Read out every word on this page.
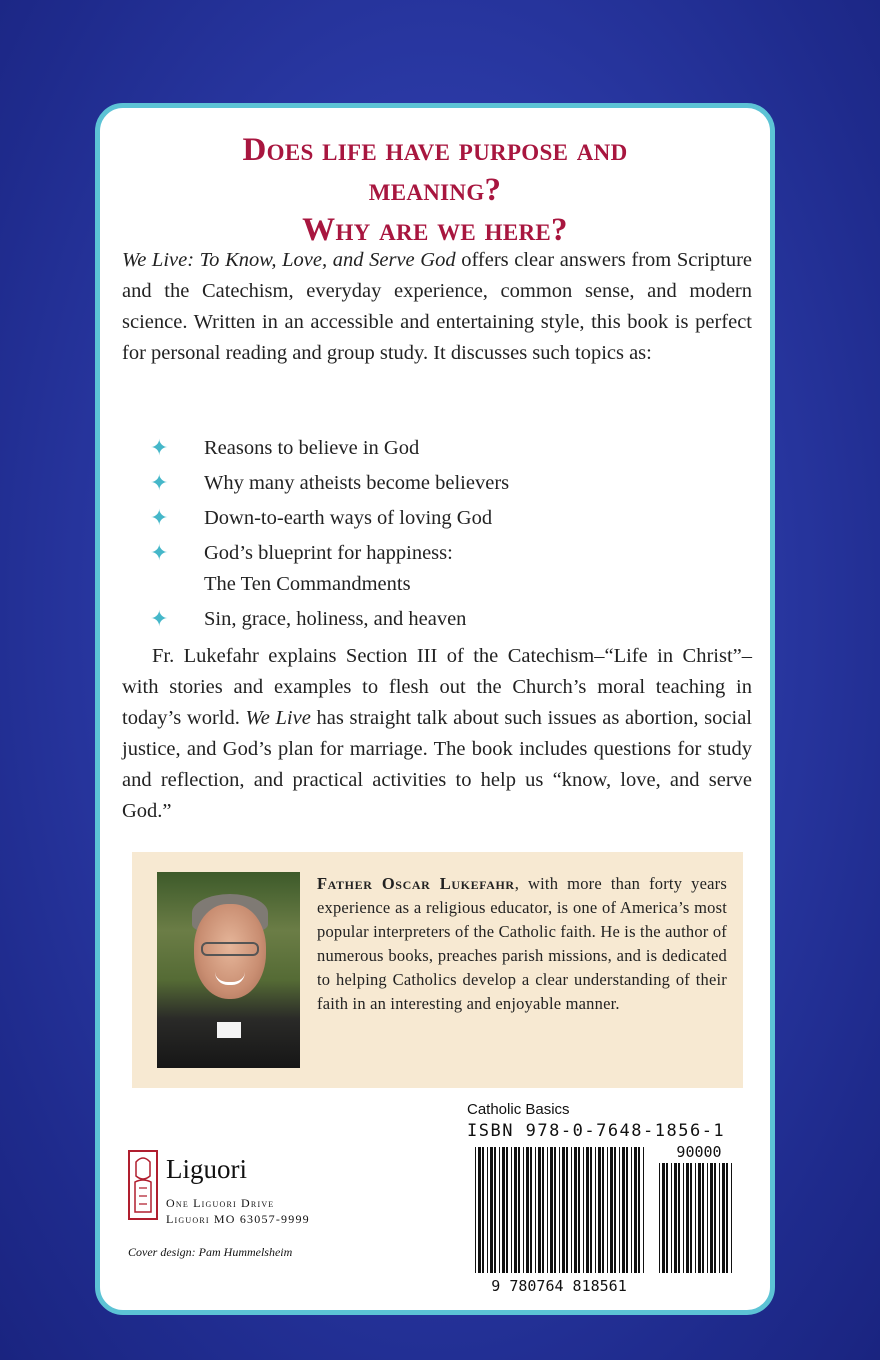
Does life have purpose and
meaning?
Why are we here?
We Live: To Know, Love, and Serve God offers clear answers from Scripture and the Catechism, everyday experience, common sense, and modern science. Written in an accessible and entertaining style, this book is perfect for personal reading and group study. It discusses such topics as:
✦ Reasons to believe in God
✦ Why many atheists become believers
✦ Down-to-earth ways of loving God
✦ God’s blueprint for happiness:
The Ten Commandments
✦ Sin, grace, holiness, and heaven
Fr. Lukefahr explains Section III of the Catechism–“Life in Christ”– with stories and examples to flesh out the Church’s moral teaching in today’s world. We Live has straight talk about such issues as abortion, social justice, and God’s plan for marriage. The book includes questions for study and reflection, and practical activities to help us “know, love, and serve God.”
Father Oscar Lukefahr, with more than forty years experience as a religious educator, is one of America’s most popular interpreters of the Catholic faith. He is the author of numerous books, preaches parish missions, and is dedicated to helping Catholics develop a clear understanding of their faith in an interesting and enjoyable manner.
Catholic Basics
ISBN 978-0-7648-1856-1
90000
9 780764 818561
Liguori
One Liguori Drive
Liguori MO 63057-9999
Cover design: Pam Hummelsheim
